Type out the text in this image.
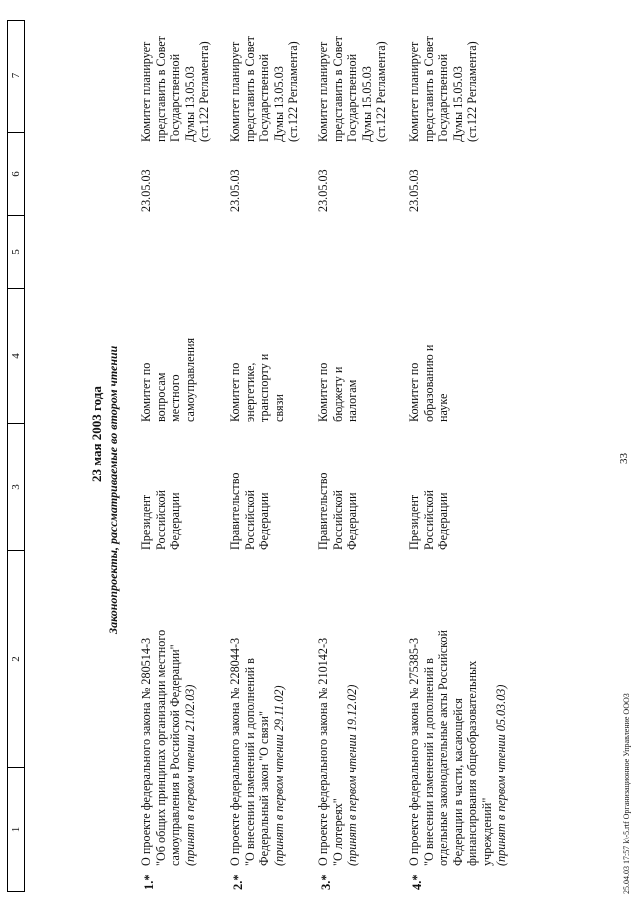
33
25.04.03 17:57 k\-5.rtf Организационное Управление ООО3
1
2
3
4
5
6
7
23 мая 2003 года Законопроекты, рассматриваемые во втором чтении
1.*
О проекте федерального закона № 280514-3 "Об общих принципах организации местного самоуправления в Российской Федерации" (принят в первом чтении 21.02.03)
Президент Российской Федерации
Комитет по вопросам местного самоуправления
23.05.03
Комитет планирует представить в Совет Государственной Думы 13.05.03 (ст.122 Регламента)
2.*
О проекте федерального закона № 228044-3 "О внесении изменений и дополнений в Федеральный закон "О связи" (принят в первом чтении 29.11.02)
Правительство Российской Федерации
Комитет по энергетике, транспорту и связи
23.05.03
Комитет планирует представить в Совет Государственной Думы 13.05.03 (ст.122 Регламента)
3.*
О проекте федерального закона № 210142-3 "О лотереях" (принят в первом чтении 19.12.02)
Правительство Российской Федерации
Комитет по бюджету и налогам
23.05.03
Комитет планирует представить в Совет Государственной Думы 15.05.03 (ст.122 Регламента)
4.*
О проекте федерального закона № 275385-3 "О внесении изменений и дополнений в отдельные законодательные акты Российской Федерации в части, касающейся финансирования общеобразовательных учреждений" (принят в первом чтении 05.03.03)
Президент Российской Федерации
Комитет по образованию и науке
23.05.03
Комитет планирует представить в Совет Государственной Думы 15.05.03 (ст.122 Регламента)
